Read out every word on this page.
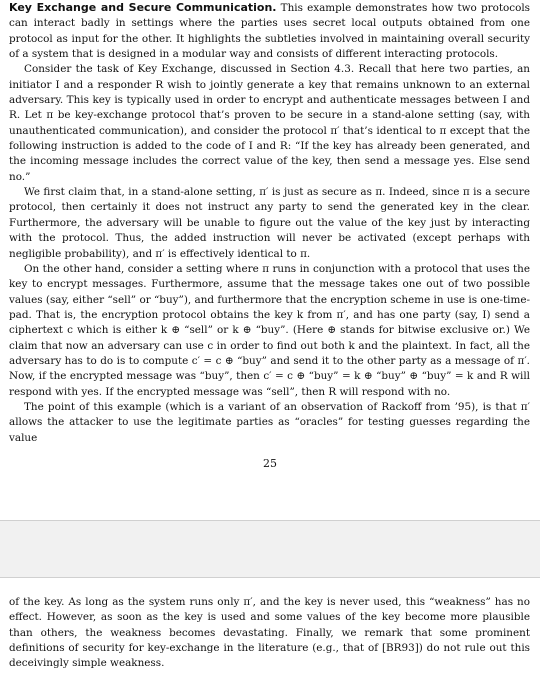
Key Exchange and Secure Communication. This example demonstrates how two protocols can interact badly in settings where the parties uses secret local outputs obtained from one protocol as input for the other. It highlights the subtleties involved in maintaining overall security of a system that is designed in a modular way and consists of different interacting protocols.

Consider the task of Key Exchange, discussed in Section 4.3. Recall that here two parties, an initiator I and a responder R wish to jointly generate a key that remains unknown to an external adversary. This key is typically used in order to encrypt and authenticate messages between I and R. Let π be key-exchange protocol that’s proven to be secure in a stand-alone setting (say, with unauthenticated communication), and consider the protocol π′ that’s identical to π except that the following instruction is added to the code of I and R: “If the key has already been generated, and the incoming message includes the correct value of the key, then send a message yes. Else send no.”

We first claim that, in a stand-alone setting, π′ is just as secure as π. Indeed, since π is a secure protocol, then certainly it does not instruct any party to send the generated key in the clear. Furthermore, the adversary will be unable to figure out the value of the key just by interacting with the protocol. Thus, the added instruction will never be activated (except perhaps with negligible probability), and π′ is effectively identical to π.

On the other hand, consider a setting where π runs in conjunction with a protocol that uses the key to encrypt messages. Furthermore, assume that the message takes one out of two possible values (say, either “sell” or “buy”), and furthermore that the encryption scheme in use is one-time-pad. That is, the encryption protocol obtains the key k from π′, and has one party (say, I) send a ciphertext c which is either k ⊕ “sell” or k ⊕ “buy”. (Here ⊕ stands for bitwise exclusive or.) We claim that now an adversary can use c in order to find out both k and the plaintext. In fact, all the adversary has to do is to compute c′ = c ⊕ “buy” and send it to the other party as a message of π′. Now, if the encrypted message was “buy”, then c′ = c ⊕ “buy” = k ⊕ “buy” ⊕ “buy” = k and R will respond with yes. If the encrypted message was “sell”, then R will respond with no.

The point of this example (which is a variant of an observation of Rackoff from ’95), is that π′ allows the attacker to use the legitimate parties as “oracles” for testing guesses regarding the value

25

of the key. As long as the system runs only π′, and the key is never used, this “weakness” has no effect. However, as soon as the key is used and some values of the key become more plausible than others, the weakness becomes devastating. Finally, we remark that some prominent definitions of security for key-exchange in the literature (e.g., that of [BR93]) do not rule out this deceivingly simple weakness.
